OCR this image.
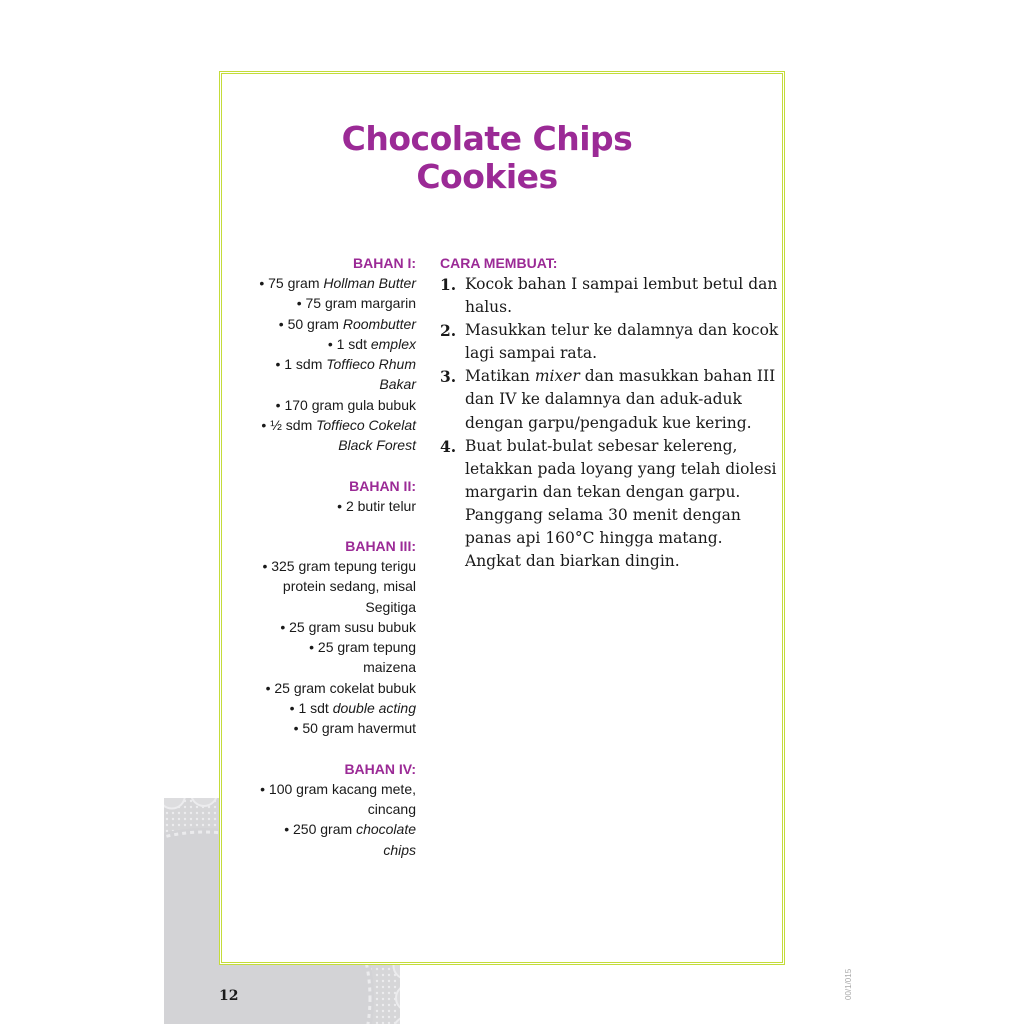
Chocolate Chips
Cookies
BAHAN I:
• 75 gram Hollman Butter
• 75 gram margarin
• 50 gram Roombutter
• 1 sdt emplex
• 1 sdm Toffieco Rhum
Bakar
• 170 gram gula bubuk
• ½ sdm Toffieco Cokelat
Black Forest
BAHAN II:
• 2 butir telur
BAHAN III:
• 325 gram tepung terigu
protein sedang, misal
Segitiga
• 25 gram susu bubuk
• 25 gram tepung
maizena
• 25 gram cokelat bubuk
• 1 sdt double acting
• 50 gram havermut
BAHAN IV:
• 100 gram kacang mete,
cincang
• 250 gram chocolate
chips
CARA MEMBUAT:
1. Kocok bahan I sampai lembut betul dan halus.
2. Masukkan telur ke dalamnya dan kocok lagi sampai rata.
3. Matikan mixer dan masukkan bahan III dan IV ke dalamnya dan aduk-aduk dengan garpu/pengaduk kue kering.
4. Buat bulat-bulat sebesar kelereng, letakkan pada loyang yang telah diolesi margarin dan tekan dengan garpu. Panggang selama 30 menit dengan panas api 160°C hingga matang. Angkat dan biarkan dingin.
12	00/1/015
